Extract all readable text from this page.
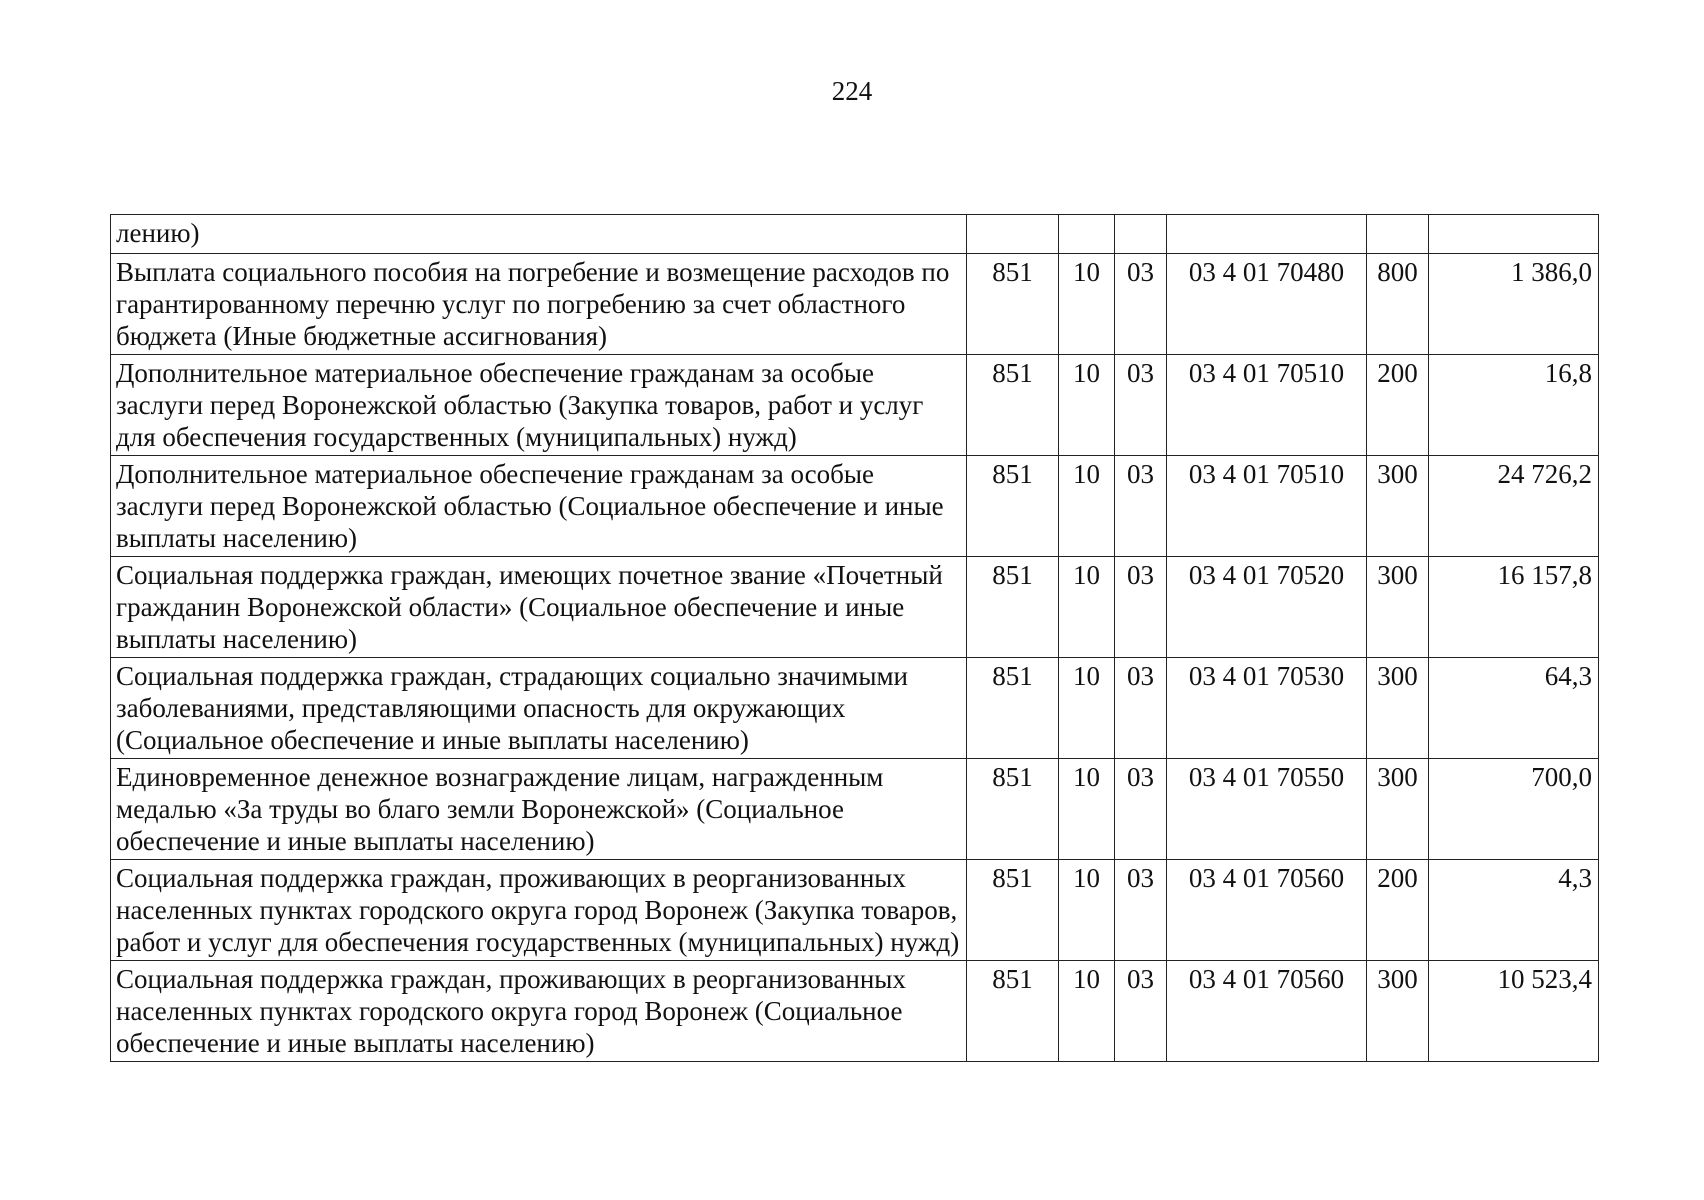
224
лению)						
Выплата социального пособия на погребение и возмещение расходов по гарантированному перечню услуг по погребению за счет областного бюджета (Иные бюджетные ассигнования)	851	10	03	03 4 01 70480	800	1 386,0
Дополнительное материальное обеспечение гражданам за особые заслуги перед Воронежской областью (Закупка товаров, работ и услуг для обеспечения государственных (муниципальных) нужд)	851	10	03	03 4 01 70510	200	16,8
Дополнительное материальное обеспечение гражданам за особые заслуги перед Воронежской областью (Социальное обеспечение и иные выплаты населению)	851	10	03	03 4 01 70510	300	24 726,2
Социальная поддержка граждан, имеющих почетное звание «Почетный гражданин Воронежской области» (Социальное обеспечение и иные выплаты населению)	851	10	03	03 4 01 70520	300	16 157,8
Социальная поддержка граждан, страдающих социально значимыми заболеваниями, представляющими опасность для окружающих (Социальное обеспечение и иные выплаты населению)	851	10	03	03 4 01 70530	300	64,3
Единовременное денежное вознаграждение лицам, награжденным медалью «За труды во благо земли Воронежской» (Социальное обеспечение и иные выплаты населению)	851	10	03	03 4 01 70550	300	700,0
Социальная поддержка граждан, проживающих в реорганизованных населенных пунктах городского округа город Воронеж (Закупка товаров, работ и услуг для обеспечения государственных (муниципальных) нужд)	851	10	03	03 4 01 70560	200	4,3
Социальная поддержка граждан, проживающих в реорганизованных населенных пунктах городского округа город Воронеж (Социальное обеспечение и иные выплаты населению)	851	10	03	03 4 01 70560	300	10 523,4
